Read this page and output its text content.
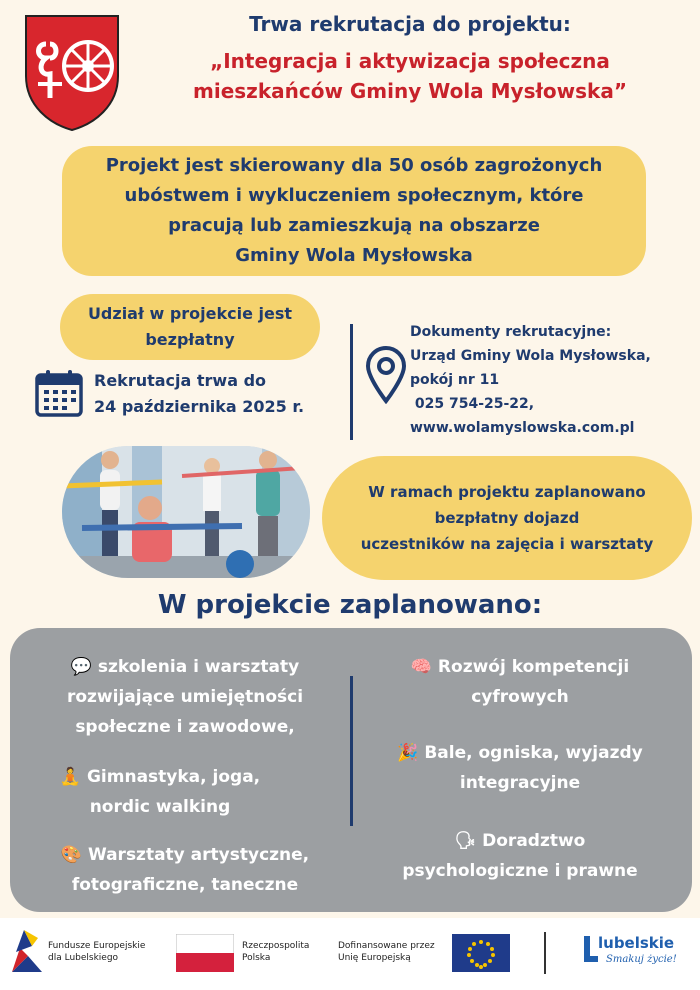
Trwa rekrutacja do projektu:
„Integracja i aktywizacja społeczna
mieszkańców Gminy Wola Mysłowska”
Projekt jest skierowany dla 50 osób zagrożonych
ubóstwem i wykluczeniem społecznym, które
pracują lub zamieszkują na obszarze
Gminy Wola Mysłowska
Udział w projekcie jest
bezpłatny
Rekrutacja trwa do
24 października 2025 r.
Dokumenty rekrutacyjne:
Urząd Gminy Wola Mysłowska,
pokój nr 11
025 754-25-22,
www.wolamyslowska.com.pl
W ramach projektu zaplanowano
bezpłatny dojazd
uczestników na zajęcia i warsztaty
W projekcie zaplanowano:
💬 szkolenia i warsztaty
rozwijające umiejętności
społeczne i zawodowe,
🧘 Gimnastyka, joga,
nordic walking
🎨 Warsztaty artystyczne,
fotograficzne, taneczne
🧠 Rozwój kompetencji
cyfrowych
🎉 Bale, ogniska, wyjazdy
integracyjne
🗣 Doradztwo
psychologiczne i prawne
Fundusze Europejskie
dla Lubelskiego
Rzeczpospolita
Polska
Dofinansowane przez
Unię Europejską
lubelskie
Smakuj życie!
